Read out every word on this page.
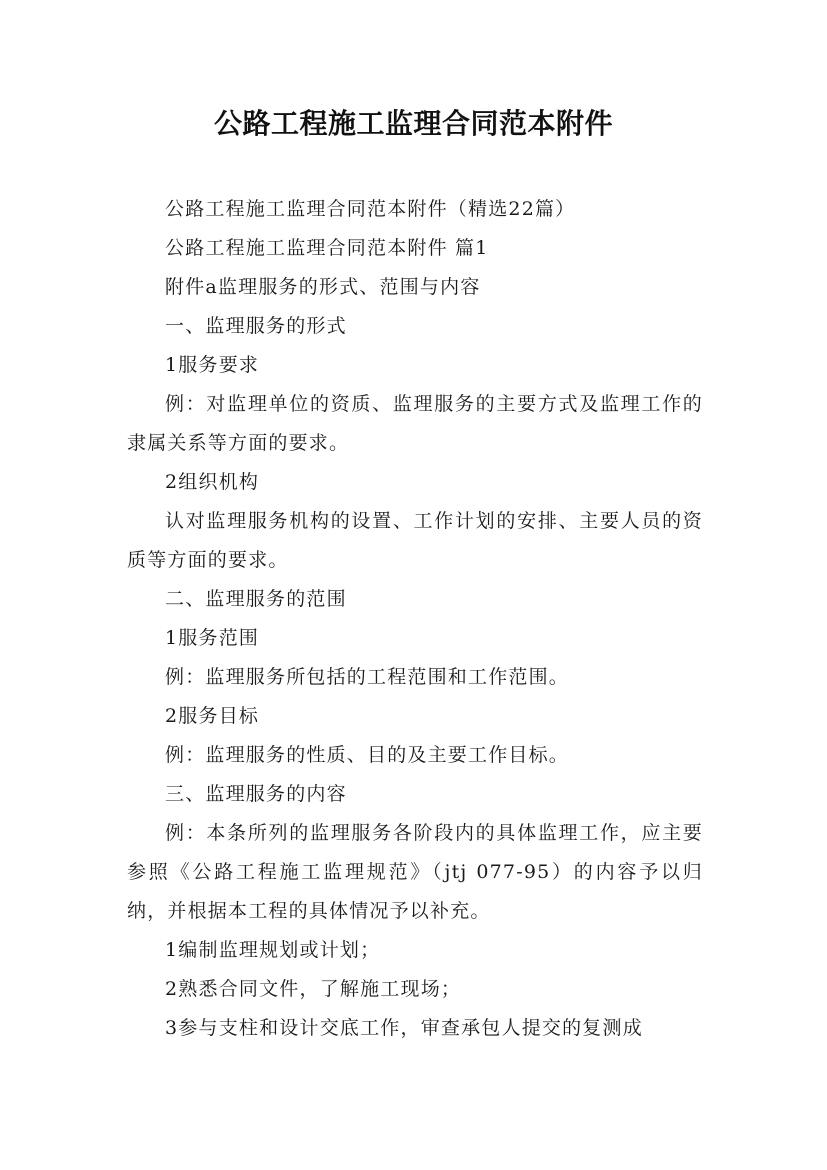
公路工程施工监理合同范本附件

公路工程施工监理合同范本附件（精选22篇）

公路工程施工监理合同范本附件 篇1

附件a监理服务的形式、范围与内容

一、监理服务的形式

1服务要求

例：对监理单位的资质、监理服务的主要方式及监理工作的隶属关系等方面的要求。

2组织机构

认对监理服务机构的设置、工作计划的安排、主要人员的资质等方面的要求。

二、监理服务的范围

1服务范围

例：监理服务所包括的工程范围和工作范围。

2服务目标

例：监理服务的性质、目的及主要工作目标。

三、监理服务的内容

例：本条所列的监理服务各阶段内的具体监理工作，应主要参照《公路工程施工监理规范》（jtj 077-95）的内容予以归纳，并根据本工程的具体情况予以补充。

1编制监理规划或计划；

2熟悉合同文件，了解施工现场；

3参与支柱和设计交底工作，审查承包人提交的复测成
